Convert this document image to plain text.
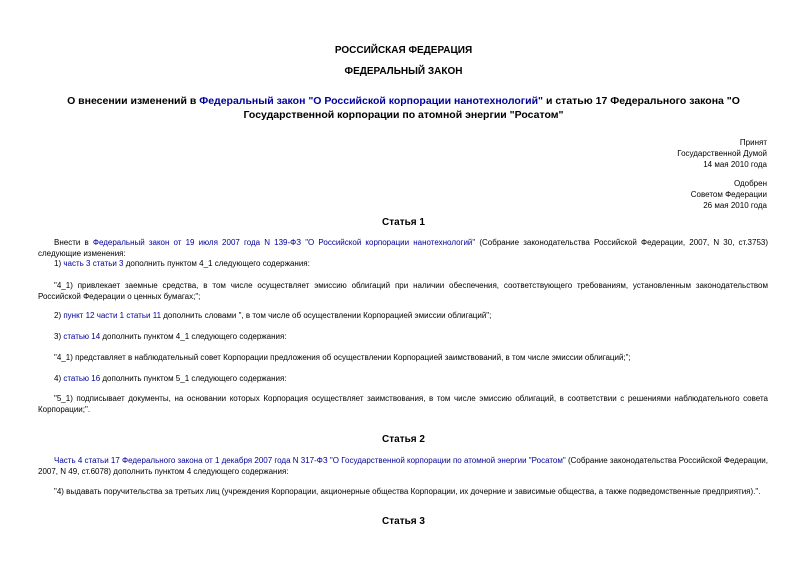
РОССИЙСКАЯ ФЕДЕРАЦИЯ
ФЕДЕРАЛЬНЫЙ ЗАКОН
О внесении изменений в Федеральный закон "О Российской корпорации нанотехнологий" и статью 17 Федерального закона "О Государственной корпорации по атомной энергии "Росатом"
Принят
Государственной Думой
14 мая 2010 года
Одобрен
Советом Федерации
26 мая 2010 года
Статья 1
Внести в Федеральный закон от 19 июля 2007 года N 139-ФЗ "О Российской корпорации нанотехнологий" (Собрание законодательства Российской Федерации, 2007, N 30, ст.3753) следующие изменения:
1) часть 3 статьи 3 дополнить пунктом 4_1 следующего содержания:
"4_1) привлекает заемные средства, в том числе осуществляет эмиссию облигаций при наличии обеспечения, соответствующего требованиям, установленным законодательством Российской Федерации о ценных бумагах;";
2) пункт 12 части 1 статьи 11 дополнить словами ", в том числе об осуществлении Корпорацией эмиссии облигаций";
3) статью 14 дополнить пунктом 4_1 следующего содержания:
"4_1) представляет в наблюдательный совет Корпорации предложения об осуществлении Корпорацией заимствований, в том числе эмиссии облигаций;";
4) статью 16 дополнить пунктом 5_1 следующего содержания:
"5_1) подписывает документы, на основании которых Корпорация осуществляет заимствования, в том числе эмиссию облигаций, в соответствии с решениями наблюдательного совета Корпорации;".
Статья 2
Часть 4 статьи 17 Федерального закона от 1 декабря 2007 года N 317-ФЗ "О Государственной корпорации по атомной энергии "Росатом" (Собрание законодательства Российской Федерации, 2007, N 49, ст.6078) дополнить пунктом 4 следующего содержания:
"4) выдавать поручительства за третьих лиц (учреждения Корпорации, акционерные общества Корпорации, их дочерние и зависимые общества, а также подведомственные предприятия).".
Статья 3
